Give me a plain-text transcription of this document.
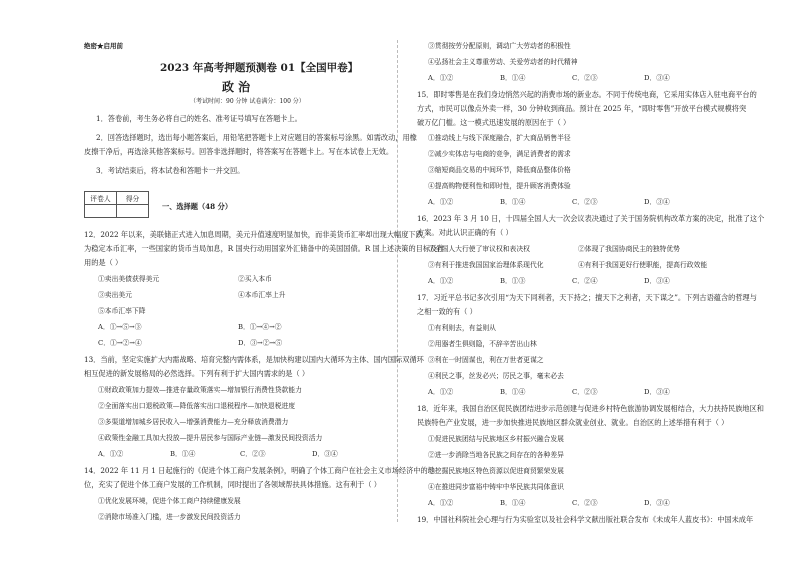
绝密★启用前
2023 年高考押题预测卷 01【全国甲卷】
政 治
（考试时间：90 分钟 试卷满分：100 分）
1．答卷前，考生务必将自己的姓名、准考证号填写在答题卡上。
2．回答选择题时，选出每小题答案后，用铅笔把答题卡上对应题目的答案标号涂黑。如需改动，用橡
皮擦干净后，再选涂其他答案标号。回答非选择题时，将答案写在答题卡上。写在本试卷上无效。
3．考试结束后，将本试卷和答题卡一并交回。
评卷人	得分

一、选择题（48 分）
12．2022 年以来，美联储正式进入加息周期，美元升值速度明显加快，而非美货币汇率却出现大幅度下跌，
为稳定本币汇率，一些国家的货币当局加息，R 国央行动用国家外汇储备中的美国国债。R 国上述决策的目标及作
用的是（ ）
①卖出美债获得美元	②买入本币
③卖出美元	④本币汇率上升
⑤本币汇率下降
A．①→⑤→③	B．①→④→②
C．①→②→④	D．③→②→⑤
13．当前，坚定实施扩大内需战略、培育完整内需体系，是加快构建以国内大循环为主体、国内国际双循环
相互促进的新发展格局的必然选择。下列有利于扩大国内需求的是（ ）
①财政政策加力提效—推进存量政策落实—增加银行消费性贷款能力
②全面落实出口退税政策—降低落实出口退税程序—加快退税进度
③多渠道增加城乡居民收入—增强消费能力—充分释放消费潜力
④政策性金融工具加大投放—提升居民参与国际产业链—激发民间投资活力
A．①②	B．①④	C．②③	D．③④
14．2022 年 11 月 1 日起施行的《促进个体工商户发展条例》，明确了个体工商户在社会主义市场经济中的地
位，充实了促进个体工商户发展的工作机制，同时提出了各领域帮扶具体措施。这有利于（ ）
①优化发展环境，促进个体工商户持续健康发展
②消除市场准入门槛，进一步激发民间投资活力
③贯彻按劳分配原则，调动广大劳动者的积极性
④弘扬社会主义尊重劳动、关爱劳动者的时代精神
A．①②	B．①④	C．②③	D．③④
15．即时零售是在我们身边悄然兴起的消费市场的新业态。不同于传统电商，它采用实体店入驻电商平台的
方式，市民可以像点外卖一样，30 分钟收到商品。预计在 2025 年，“即时零售”开放平台模式规模将突
破万亿门槛。这一模式迅速发展的原因在于（ ）
①推动线上与线下深度融合，扩大商品销售半径
②减少实体店与电商的竞争，满足消费者的需求
③缩短商品交易的中间环节，降低商品整体价格
④提高购物便利性和即时性，提升顾客消费体验
A．①②	B．①④	C．②③	D．③④
16．2023 年 3 月 10 日，十四届全国人大一次会议表决通过了关于国务院机构改革方案的决定，批准了这个
方案。对此认识正确的有（ ）
①全国人大行使了审议权和表决权	②体现了我国协商民主的独特优势
③有利于推进我国国家治理体系现代化	④有利于我国更好行使职能，提高行政效能
A．①②	B．①③	C．②④	D．③④
17．习近平总书记多次引用“为天下同利者，天下持之；擅天下之利者，天下谋之”。下列古语蕴含的哲理与
之相一致的有（ ）
①有利则去，有益则从
②用器者生俱则隐，不辞辛苦出山林
③利在一时固谋也，利在万世者更谋之
④利民之事，丝发必兴；厉民之事，毫末必去
A．①②	B．①④	C．②③	D．③④
18．近年来，我国自治区促民族团结进步示范创建与促进乡村特色旅游协调发展相结合，大力扶持民族地区和
民族特色产业发展，进一步加快推进民族地区群众就业创业、就业。自治区的上述举措有利于（ ）
①促进民族团结与民族地区乡村振兴融合发展
②进一步消除当地各民族之间存在的各种差异
③挖掘民族地区特色资源以促进商贸繁荣发展
④在推进同步富裕中铸牢中华民族共同体意识
A．①②	B．①④	C．②③	D．③④
19．中国社科院社会心理与行为实验室以及社会科学文献出版社联合发布《未成年人蓝皮书》：中国未成年
